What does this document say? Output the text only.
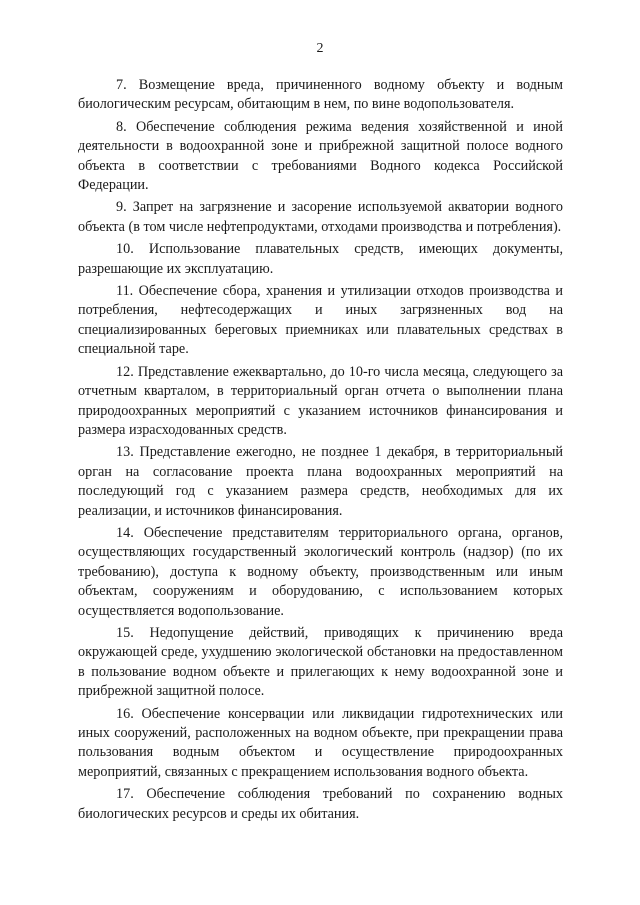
2

7. Возмещение вреда, причиненного водному объекту и водным биологическим ресурсам, обитающим в нем, по вине водопользователя.

8. Обеспечение соблюдения режима ведения хозяйственной и иной деятельности в водоохранной зоне и прибрежной защитной полосе водного объекта в соответствии с требованиями Водного кодекса Российской Федерации.

9. Запрет на загрязнение и засорение используемой акватории водного объекта (в том числе нефтепродуктами, отходами производства и потребления).

10. Использование плавательных средств, имеющих документы, разрешающие их эксплуатацию.

11. Обеспечение сбора, хранения и утилизации отходов производства и потребления, нефтесодержащих и иных загрязненных вод на специализированных береговых приемниках или плавательных средствах в специальной таре.

12. Представление ежеквартально, до 10-го числа месяца, следующего за отчетным кварталом, в территориальный орган отчета о выполнении плана природоохранных мероприятий с указанием источников финансирования и размера израсходованных средств.

13. Представление ежегодно, не позднее 1 декабря, в территориальный орган на согласование проекта плана водоохранных мероприятий на последующий год с указанием размера средств, необходимых для их реализации, и источников финансирования.

14. Обеспечение представителям территориального органа, органов, осуществляющих государственный экологический контроль (надзор) (по их требованию), доступа к водному объекту, производственным или иным объектам, сооружениям и оборудованию, с использованием которых осуществляется водопользование.

15. Недопущение действий, приводящих к причинению вреда окружающей среде, ухудшению экологической обстановки на предоставленном в пользование водном объекте и прилегающих к нему водоохранной зоне и прибрежной защитной полосе.

16. Обеспечение консервации или ликвидации гидротехнических или иных сооружений, расположенных на водном объекте, при прекращении права пользования водным объектом и осуществление природоохранных мероприятий, связанных с прекращением использования водного объекта.

17. Обеспечение соблюдения требований по сохранению водных биологических ресурсов и среды их обитания.
